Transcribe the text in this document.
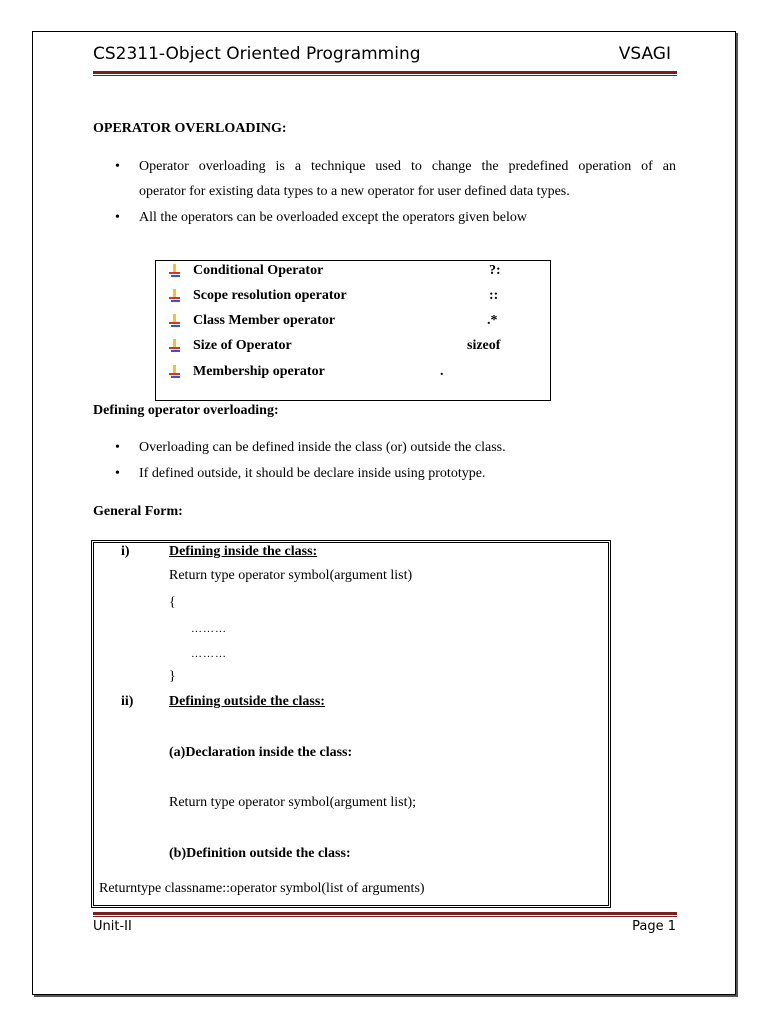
CS2311-Object Oriented Programming	VSAGI
OPERATOR OVERLOADING:
• Operator overloading is a technique used to change the predefined operation of an
operator for existing data types to a new operator for user defined data types.
• All the operators can be overloaded except the operators given below
Conditional Operator	?:
Scope resolution operator	::
Class Member operator	.*
Size of Operator	sizeof
Membership operator	.
Defining operator overloading:
• Overloading can be defined inside the class (or) outside the class.
• If defined outside, it should be declare inside using prototype.
General Form:
i)	Defining inside the class:
Return type operator symbol(argument list)
{
………
………
}
ii)	Defining outside the class:
(a)Declaration inside the class:
Return type operator symbol(argument list);
(b)Definition outside the class:
Returntype classname::operator symbol(list of arguments)
Unit-II	Page 1
